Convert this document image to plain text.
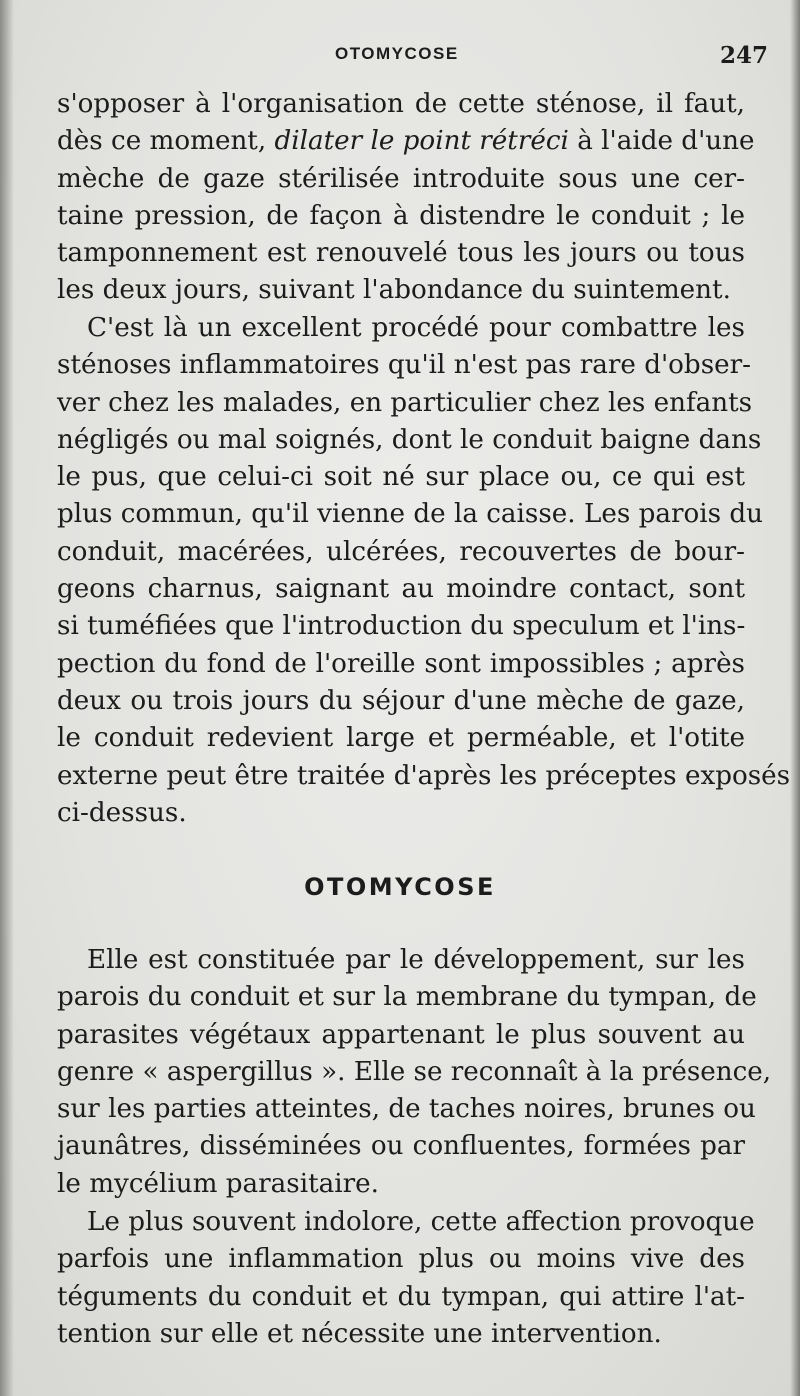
OTOMYCOSE	247
s'opposer à l'organisation de cette sténose, il faut,
dès ce moment, dilater le point rétréci à l'aide d'une
mèche de gaze stérilisée introduite sous une cer-
taine pression, de façon à distendre le conduit ; le
tamponnement est renouvelé tous les jours ou tous
les deux jours, suivant l'abondance du suintement.
C'est là un excellent procédé pour combattre les
sténoses inflammatoires qu'il n'est pas rare d'obser-
ver chez les malades, en particulier chez les enfants
négligés ou mal soignés, dont le conduit baigne dans
le pus, que celui-ci soit né sur place ou, ce qui est
plus commun, qu'il vienne de la caisse. Les parois du
conduit, macérées, ulcérées, recouvertes de bour-
geons charnus, saignant au moindre contact, sont
si tuméfiées que l'introduction du speculum et l'ins-
pection du fond de l'oreille sont impossibles ; après
deux ou trois jours du séjour d'une mèche de gaze,
le conduit redevient large et perméable, et l'otite
externe peut être traitée d'après les préceptes exposés
ci-dessus.
OTOMYCOSE
Elle est constituée par le développement, sur les
parois du conduit et sur la membrane du tympan, de
parasites végétaux appartenant le plus souvent au
genre « aspergillus ». Elle se reconnaît à la présence,
sur les parties atteintes, de taches noires, brunes ou
jaunâtres, disséminées ou confluentes, formées par
le mycélium parasitaire.
Le plus souvent indolore, cette affection provoque
parfois une inflammation plus ou moins vive des
téguments du conduit et du tympan, qui attire l'at-
tention sur elle et nécessite une intervention.
